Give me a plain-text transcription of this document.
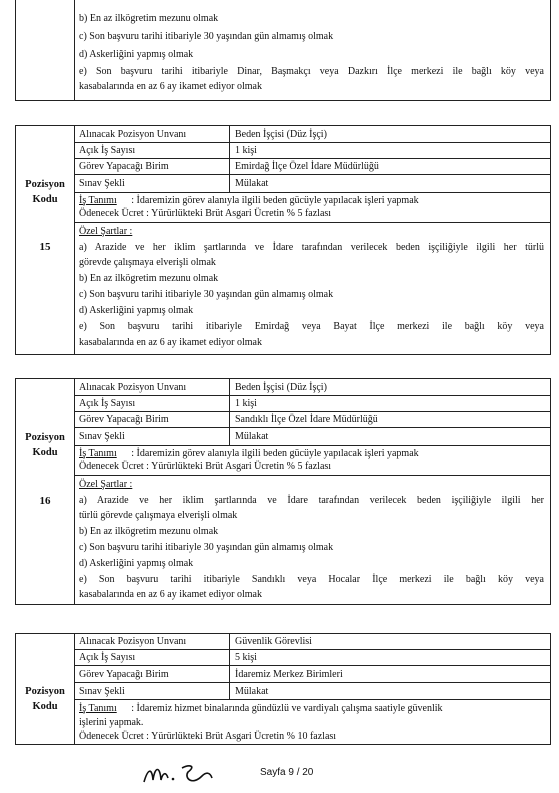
b) En az ilkögretim mezunu olmak
c) Son başvuru tarihi itibariyle 30 yaşından gün almamış olmak
d) Askerliğini yapmış olmak
e) Son başvuru tarihi itibariyle Dinar, Başmakçı veya Dazkırı İlçe merkezi ile bağlı köy veya
kasabalarında en az 6 ay ikamet ediyor olmak
Pozisyon
Kodu
15
Alınacak Pozisyon Unvanı	Beden İşçisi (Düz İşçi)
Açık İş Sayısı	1 kişi
Görev Yapacağı Birim	Emirdağ İlçe Özel İdare Müdürlüğü
Sınav Şekli	Mülakat
İş Tanımı : İdaremizin görev alanıyla ilgili beden gücüyle yapılacak işleri yapmak
Ödenecek Ücret : Yürürlükteki Brüt Asgari Ücretin % 5 fazlası
Özel Şartlar :
a) Arazide ve her iklim şartlarında ve İdare tarafından verilecek beden işçiliğiyle ilgili her türlü
görevde çalışmaya elverişli olmak
b) En az ilkögretim mezunu olmak
c) Son başvuru tarihi itibariyle 30 yaşından gün almamış olmak
d) Askerliğini yapmış olmak
e) Son başvuru tarihi itibariyle Emirdağ veya Bayat İlçe merkezi ile bağlı köy veya
kasabalarında en az 6 ay ikamet ediyor olmak
Pozisyon
Kodu
16
Alınacak Pozisyon Unvanı	Beden İşçisi (Düz İşçi)
Açık İş Sayısı	1 kişi
Görev Yapacağı Birim	Sandıklı İlçe Özel İdare Müdürlüğü
Sınav Şekli	Mülakat
İş Tanımı : İdaremizin görev alanıyla ilgili beden gücüyle yapılacak işleri yapmak
Ödenecek Ücret : Yürürlükteki Brüt Asgari Ücretin % 5 fazlası
Özel Şartlar :
a) Arazide ve her iklim şartlarında ve İdare tarafından verilecek beden işçiliğiyle ilgili her
türlü görevde çalışmaya elverişli olmak
b) En az ilkögretim mezunu olmak
c) Son başvuru tarihi itibariyle 30 yaşından gün almamış olmak
d) Askerliğini yapmış olmak
e) Son başvuru tarihi itibariyle Sandıklı veya Hocalar İlçe merkezi ile bağlı köy veya
kasabalarında en az 6 ay ikamet ediyor olmak
Pozisyon
Kodu
Alınacak Pozisyon Unvanı	Güvenlik Görevlisi
Açık İş Sayısı	5 kişi
Görev Yapacağı Birim	İdaremiz Merkez Birimleri
Sınav Şekli	Mülakat
İş Tanımı : İdaremiz hizmet binalarında gündüzlü ve vardiyalı çalışma saatiyle güvenlik
işlerini yapmak.
Ödenecek Ücret : Yürürlükteki Brüt Asgari Ücretin % 10 fazlası
Sayfa 9 / 20
